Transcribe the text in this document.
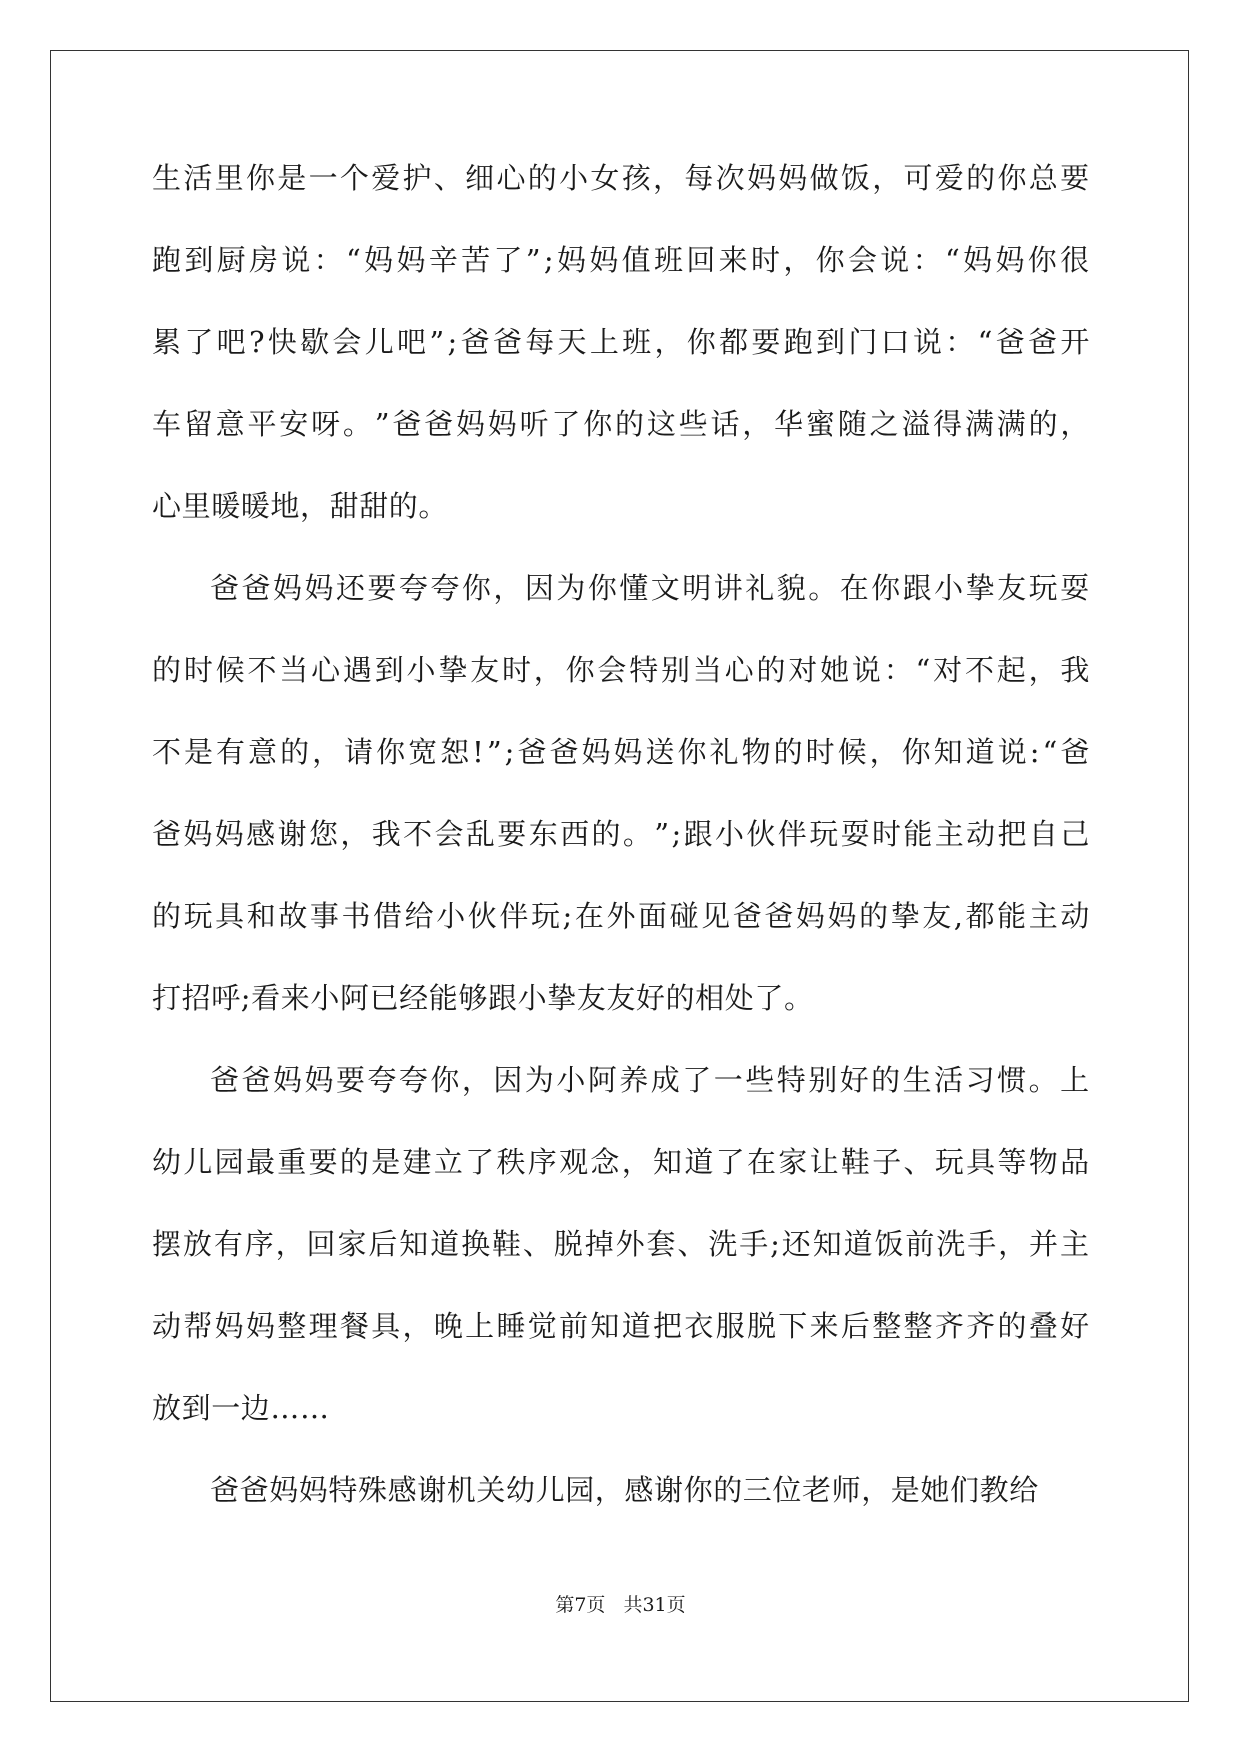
生 活 里 你 是 一 个 爱 护 、 细 心 的 小 女 孩 ， 每 次 妈 妈 做 饭 ， 可 爱 的 你 总 要
跑 到 厨 房 说 ： “ 妈 妈 辛 苦 了 ” ; 妈 妈 值 班 回 来 时 ， 你 会 说 ： “ 妈 妈 你 很
累 了 吧 ? 快 歇 会 儿 吧 ” ; 爸 爸 每 天 上 班 ， 你 都 要 跑 到 门 口 说 ： “ 爸 爸 开
车 留 意 平 安 呀 。 ” 爸 爸 妈 妈 听 了 你 的 这 些 话 ， 华 蜜 随 之 溢 得 满 满 的 ，
心里暖暖地，甜甜的。
爸 爸 妈 妈 还 要 夸 夸 你 ， 因 为 你 懂 文 明 讲 礼 貌 。 在 你 跟 小 挚 友 玩 耍
的 时 候 不 当 心 遇 到 小 挚 友 时 ， 你 会 特 别 当 心 的 对 她 说 ： “ 对 不 起 ， 我
不 是 有 意 的 ， 请 你 宽 恕 ! ” ; 爸 爸 妈 妈 送 你 礼 物 的 时 候 ， 你 知 道 说 : “ 爸
爸 妈 妈 感 谢 您 ， 我 不 会 乱 要 东 西 的 。 ” ; 跟 小 伙 伴 玩 耍 时 能 主 动 把 自 己
的 玩 具 和 故 事 书 借 给 小 伙 伴 玩 ; 在 外 面 碰 见 爸 爸 妈 妈 的 挚 友 , 都 能 主 动
打招呼;看来小阿已经能够跟小挚友友好的相处了。
爸 爸 妈 妈 要 夸 夸 你 ， 因 为 小 阿 养 成 了 一 些 特 别 好 的 生 活 习 惯 。 上
幼 儿 园 最 重 要 的 是 建 立 了 秩 序 观 念 ， 知 道 了 在 家 让 鞋 子 、 玩 具 等 物 品
摆 放 有 序 ， 回 家 后 知 道 换 鞋 、 脱 掉 外 套 、 洗 手 ; 还 知 道 饭 前 洗 手 ， 并 主
动 帮 妈 妈 整 理 餐 具 ， 晚 上 睡 觉 前 知 道 把 衣 服 脱 下 来 后 整 整 齐 齐 的 叠 好
放到一边……
爸爸妈妈特殊感谢机关幼儿园，感谢你的三位老师，是她们教给
第7页 共31页
